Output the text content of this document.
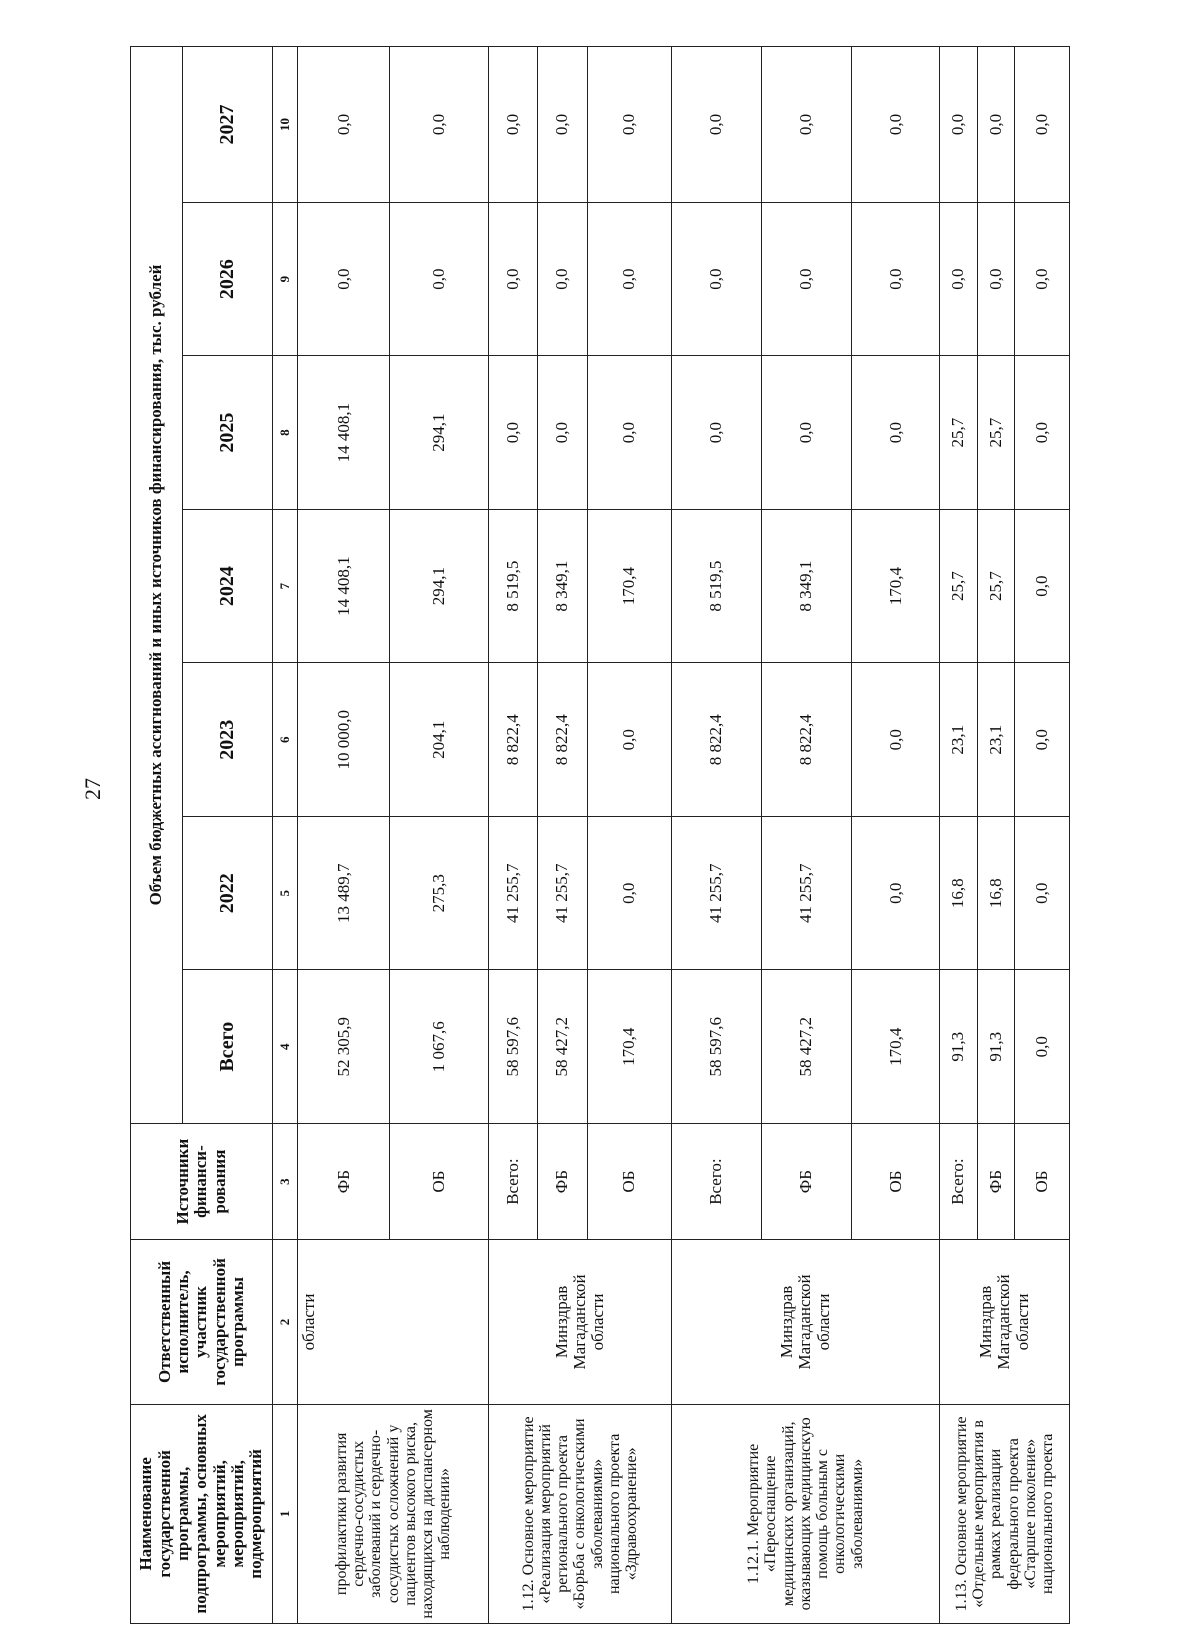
27
Наименование государственной программы, подпрограммы, основных мероприятий, мероприятий, подмероприятий	Ответственный исполнитель, участник государственной программы	Источники финанси-рования	Объем бюджетных ассигнований и иных источников финансирования, тыс. рублей						
			Всего	2022	2023	2024	2025	2026	2027
1	2	3	4	5	6	7	8	9	10
профилактики развития сердечно-сосудистых заболеваний и сердечно-сосудистых осложнений у пациентов высокого риска, находящихся на диспансерном наблюдении»	области	ФБ	52 305,9	13 489,7	10 000,0	14 408,1	14 408,1	0,0	0,0
		ОБ	1 067,6	275,3	204,1	294,1	294,1	0,0	0,0
1.12. Основное мероприятие «Реализация мероприятий регионального проекта «Борьба с онкологическими заболеваниями» национального проекта «Здравоохранение»	Минздрав Магаданской области	Всего:	58 597,6	41 255,7	8 822,4	8 519,5	0,0	0,0	0,0
		ФБ	58 427,2	41 255,7	8 822,4	8 349,1	0,0	0,0	0,0
		ОБ	170,4	0,0	0,0	170,4	0,0	0,0	0,0
1.12.1. Мероприятие «Переоснащение медицинских организаций, оказывающих медицинскую помощь больным с онкологическими заболеваниями»	Минздрав Магаданской области	Всего:	58 597,6	41 255,7	8 822,4	8 519,5	0,0	0,0	0,0
		ФБ	58 427,2	41 255,7	8 822,4	8 349,1	0,0	0,0	0,0
		ОБ	170,4	0,0	0,0	170,4	0,0	0,0	0,0
1.13. Основное мероприятие «Отдельные мероприятия в рамках реализации федерального проекта «Старшее поколение» национального проекта	Минздрав Магаданской области	Всего:	91,3	16,8	23,1	25,7	25,7	0,0	0,0
		ФБ	91,3	16,8	23,1	25,7	25,7	0,0	0,0
		ОБ	0,0	0,0	0,0	0,0	0,0	0,0	0,0
